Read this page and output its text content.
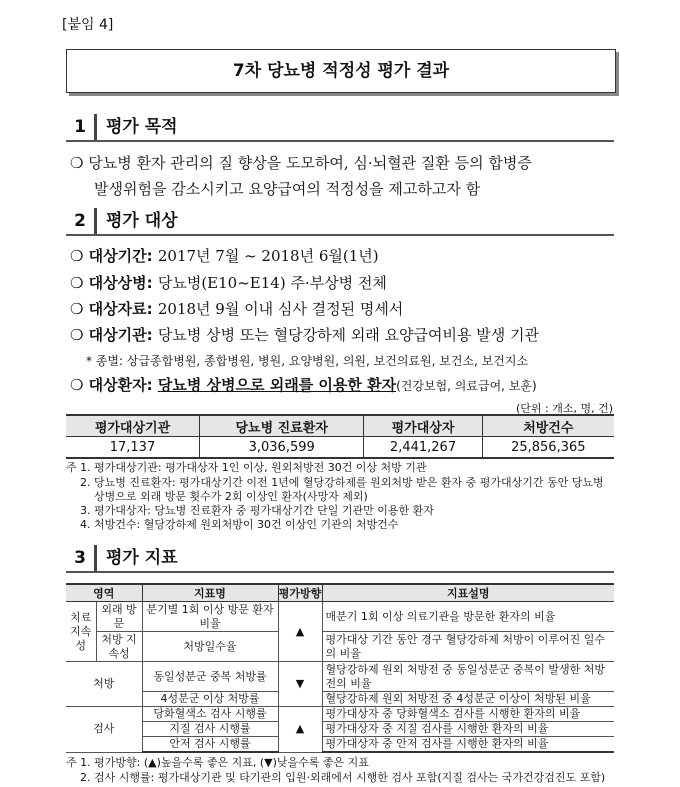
[붙임 4]
7차 당뇨병 적정성 평가 결과
1	평가 목적
❍ 당뇨병 환자 관리의 질 향상을 도모하여, 심·뇌혈관 질환 등의 합병증
발생위험을 감소시키고 요양급여의 적정성을 제고하고자 함
2	평가 대상
❍ 대상기간: 2017년 7월 ~ 2018년 6월(1년)
❍ 대상상병: 당뇨병(E10~E14) 주·부상병 전체
❍ 대상자료: 2018년 9월 이내 심사 결정된 명세서
❍ 대상기관: 당뇨병 상병 또는 혈당강하제 외래 요양급여비용 발생 기관
* 종별: 상급종합병원, 종합병원, 병원, 요양병원, 의원, 보건의료원, 보건소, 보건지소
❍ 대상환자: 당뇨병 상병으로 외래를 이용한 환자(건강보험, 의료급여, 보훈)
(단위 : 개소, 명, 건)
평가대상기관	당뇨병 진료환자	평가대상자	처방건수
17,137	3,036,599	2,441,267	25,856,365
주 1. 평가대상기관: 평가대상자 1인 이상, 원외처방전 30건 이상 처방 기관
2. 당뇨병 진료환자: 평가대상기간 이전 1년에 혈당강하제를 원외처방 받은 환자 중 평가대상기간 동안 당뇨병
상병으로 외래 방문 횟수가 2회 이상인 환자(사망자 제외)
3. 평가대상자: 당뇨병 진료환자 중 평가대상기간 단일 기관만 이용한 환자
4. 처방건수: 혈당강하제 원외처방이 30건 이상인 기관의 처방건수
3	평가 지표
영역		지표명	평가방향	지표설명
치료 지속성	외래 방문	분기별 1회 이상 방문 환자비율	▲	매분기 1회 이상 의료기관을 방문한 환자의 비율
	처방 지속성	처방일수율		평가대상 기간 동안 경구 혈당강하제 처방이 이루어진 일수의 비율
처방		동일성분군 중복 처방률	▼	혈당강하제 원외 처방전 중 동일성분군 중복이 발생한 처방전의 비율
		4성분군 이상 처방률		혈당강하제 원외 처방전 중 4성분군 이상이 처방된 비율
검사		당화혈색소 검사 시행률	▲	평가대상자 중 당화혈색소 검사를 시행한 환자의 비율
		지질 검사 시행률		평가대상자 중 지질 검사를 시행한 환자의 비율
		안저 검사 시행률		평가대상자 중 안저 검사를 시행한 환자의 비율
주 1. 평가방향: (▲)높을수록 좋은 지표, (▼)낮을수록 좋은 지표
2. 검사 시행률: 평가대상기관 및 타기관의 입원·외래에서 시행한 검사 포함(지질 검사는 국가건강검진도 포함)
